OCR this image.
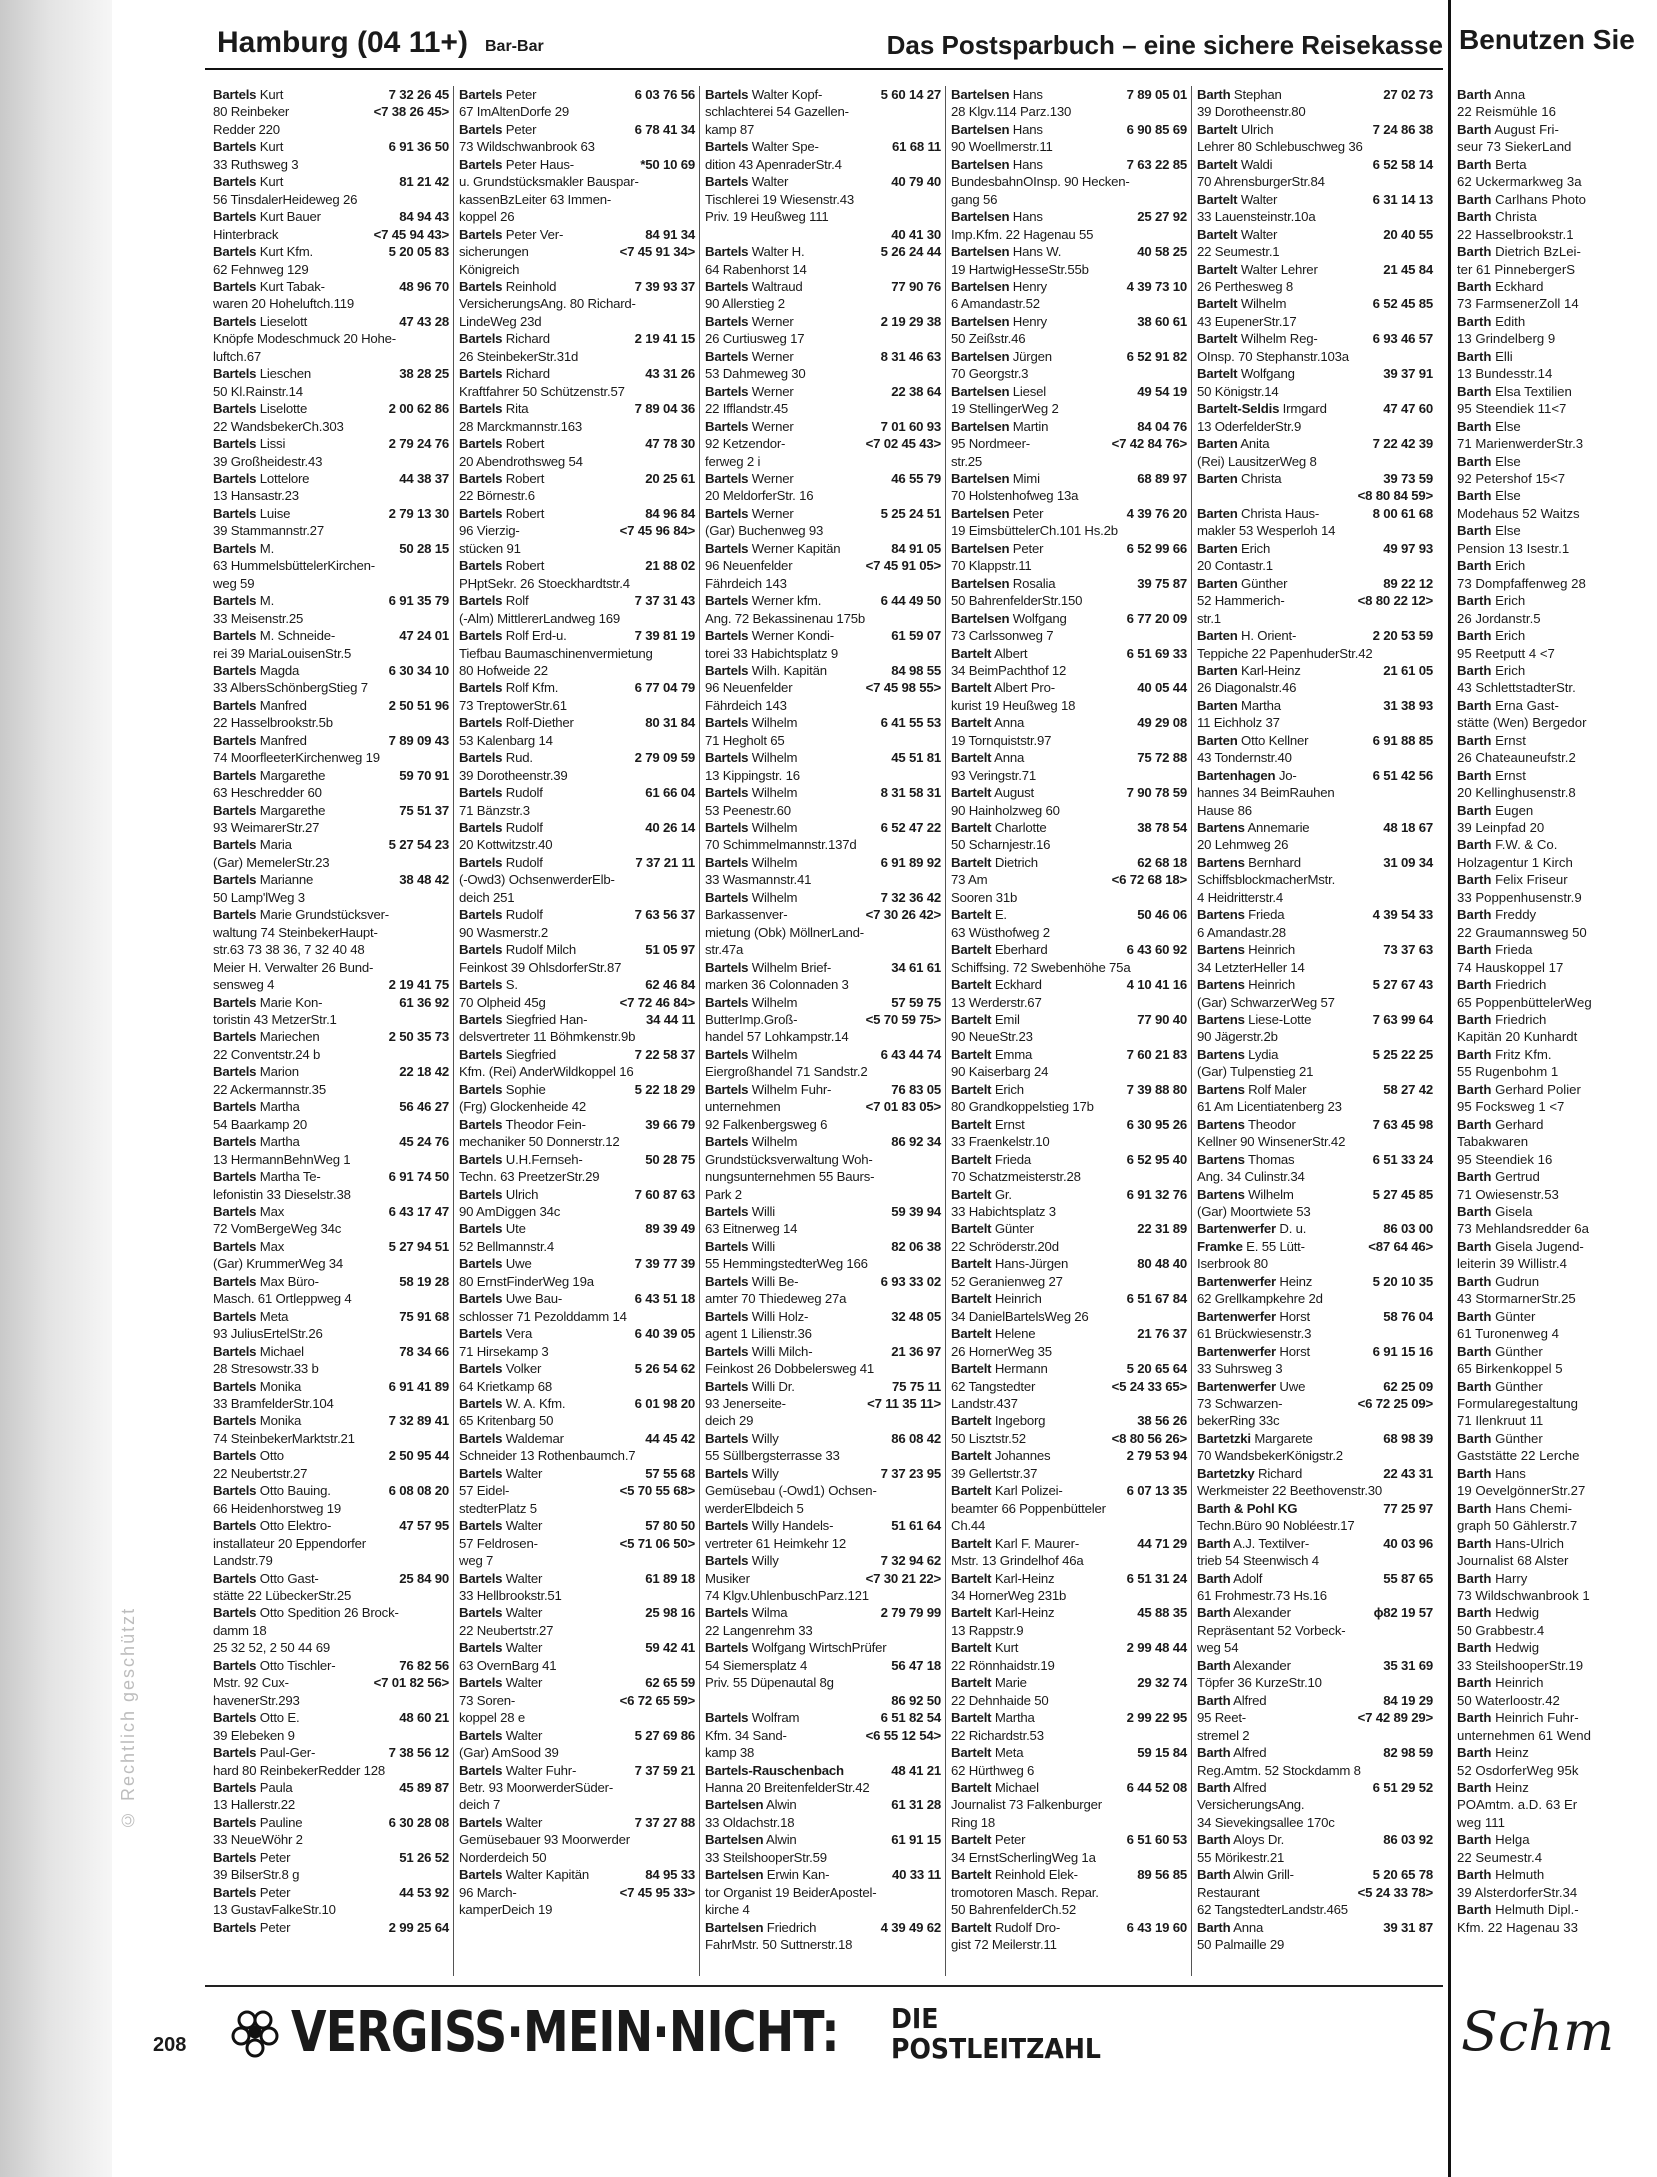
© Rechtlich geschützt
Hamburg (04 11+) Bar-Bar	Das Postsparbuch – eine sichere Reisekasse
7 32 26 45
Bartels Kurt
<7 38 26 45>
80 Reinbeker
Redder 220
6 91 36 50
Bartels Kurt
33 Ruthsweg 3
81 21 42
Bartels Kurt
56 TinsdalerHeideweg 26
84 94 43
Bartels Kurt Bauer
<7 45 94 43>
Hinterbrack
5 20 05 83
Bartels Kurt Kfm.
62 Fehnweg 129
48 96 70
Bartels Kurt Tabak-
waren 20 Hoheluftch.119
47 43 28
Bartels Lieselott
Knöpfe Modeschmuck 20 Hohe-
luftch.67
38 28 25
Bartels Lieschen
50 Kl.Rainstr.14
2 00 62 86
Bartels Liselotte
22 WandsbekerCh.303
2 79 24 76
Bartels Lissi
39 Großheidestr.43
44 38 37
Bartels Lottelore
13 Hansastr.23
2 79 13 30
Bartels Luise
39 Stammannstr.27
50 28 15
Bartels M.
63 HummelsbüttelerKirchen-
weg 59
6 91 35 79
Bartels M.
33 Meisenstr.25
47 24 01
Bartels M. Schneide-
rei 39 MariaLouisenStr.5
6 30 34 10
Bartels Magda
33 AlbersSchönbergStieg 7
2 50 51 96
Bartels Manfred
22 Hasselbrookstr.5b
7 89 09 43
Bartels Manfred
74 MoorfleeterKirchenweg 19
59 70 91
Bartels Margarethe
63 Heschredder 60
75 51 37
Bartels Margarethe
93 WeimarerStr.27
5 27 54 23
Bartels Maria
(Gar) MemelerStr.23
38 48 42
Bartels Marianne
50 Lamp'lWeg 3
Bartels Marie Grundstücksver-
waltung 74 SteinbekerHaupt-
str.63 73 38 36, 7 32 40 48
Meier H. Verwalter 26 Bund-
2 19 41 75
sensweg 4
61 36 92
Bartels Marie Kon-
toristin 43 MetzerStr.1
2 50 35 73
Bartels Mariechen
22 Conventstr.24 b
22 18 42
Bartels Marion
22 Ackermannstr.35
56 46 27
Bartels Martha
54 Baarkamp 20
45 24 76
Bartels Martha
13 HermannBehnWeg 1
6 91 74 50
Bartels Martha Te-
lefonistin 33 Dieselstr.38
6 43 17 47
Bartels Max
72 VomBergeWeg 34c
5 27 94 51
Bartels Max
(Gar) KrummerWeg 34
58 19 28
Bartels Max Büro-
Masch. 61 Ortleppweg 4
75 91 68
Bartels Meta
93 JuliusErtelStr.26
78 34 66
Bartels Michael
28 Stresowstr.33 b
6 91 41 89
Bartels Monika
33 BramfelderStr.104
7 32 89 41
Bartels Monika
74 SteinbekerMarktstr.21
2 50 95 44
Bartels Otto
22 Neubertstr.27
6 08 08 20
Bartels Otto Bauing.
66 Heidenhorstweg 19
47 57 95
Bartels Otto Elektro-
installateur 20 Eppendorfer
Landstr.79
25 84 90
Bartels Otto Gast-
stätte 22 LübeckerStr.25
Bartels Otto Spedition 26 Brock-
damm 18
25 32 52, 2 50 44 69
76 82 56
Bartels Otto Tischler-
<7 01 82 56>
Mstr. 92 Cux-
havenerStr.293
48 60 21
Bartels Otto E.
39 Elebeken 9
7 38 56 12
Bartels Paul-Ger-
hard 80 ReinbekerRedder 128
45 89 87
Bartels Paula
13 Hallerstr.22
6 30 28 08
Bartels Pauline
33 NeueWöhr 2
51 26 52
Bartels Peter
39 BilserStr.8 g
44 53 92
Bartels Peter
13 GustavFalkeStr.10
2 99 25 64
Bartels Peter
6 03 76 56
Bartels Peter
67 ImAltenDorfe 29
6 78 41 34
Bartels Peter
73 Wildschwanbrook 63
*50 10 69
Bartels Peter Haus-
u. Grundstücksmakler Bauspar-
kassenBzLeiter 63 Immen-
koppel 26
84 91 34
Bartels Peter Ver-
<7 45 91 34>
sicherungen
Königreich
7 39 93 37
Bartels Reinhold
VersicherungsAng. 80 Richard-
LindeWeg 23d
2 19 41 15
Bartels Richard
26 SteinbekerStr.31d
43 31 26
Bartels Richard
Kraftfahrer 50 Schützenstr.57
7 89 04 36
Bartels Rita
28 Marckmannstr.163
47 78 30
Bartels Robert
20 Abendrothsweg 54
20 25 61
Bartels Robert
22 Börnestr.6
84 96 84
Bartels Robert
<7 45 96 84>
96 Vierzig-
stücken 91
21 88 02
Bartels Robert
PHptSekr. 26 Stoeckhardtstr.4
7 37 31 43
Bartels Rolf
(-Alm) MittlererLandweg 169
7 39 81 19
Bartels Rolf Erd-u.
Tiefbau Baumaschinenvermietung
80 Hofweide 22
6 77 04 79
Bartels Rolf Kfm.
73 TreptowerStr.61
80 31 84
Bartels Rolf-Diether
53 Kalenbarg 14
2 79 09 59
Bartels Rud.
39 Dorotheenstr.39
61 66 04
Bartels Rudolf
71 Bänzstr.3
40 26 14
Bartels Rudolf
20 Kottwitzstr.40
7 37 21 11
Bartels Rudolf
(-Owd3) OchsenwerderElb-
deich 251
7 63 56 37
Bartels Rudolf
90 Wasmerstr.2
51 05 97
Bartels Rudolf Milch
Feinkost 39 OhlsdorferStr.87
62 46 84
Bartels S.
<7 72 46 84>
70 Olpheid 45g
34 44 11
Bartels Siegfried Han-
delsvertreter 11 Böhmkenstr.9b
7 22 58 37
Bartels Siegfried
Kfm. (Rei) AnderWildkoppel 16
5 22 18 29
Bartels Sophie
(Frg) Glockenheide 42
39 66 79
Bartels Theodor Fein-
mechaniker 50 Donnerstr.12
50 28 75
Bartels U.H.Fernseh-
Techn. 63 PreetzerStr.29
7 60 87 63
Bartels Ulrich
90 AmDiggen 34c
89 39 49
Bartels Ute
52 Bellmannstr.4
7 39 77 39
Bartels Uwe
80 ErnstFinderWeg 19a
6 43 51 18
Bartels Uwe Bau-
schlosser 71 Pezolddamm 14
6 40 39 05
Bartels Vera
71 Hirsekamp 3
5 26 54 62
Bartels Volker
64 Krietkamp 68
6 01 98 20
Bartels W. A. Kfm.
65 Kritenbarg 50
44 45 42
Bartels Waldemar
Schneider 13 Rothenbaumch.7
57 55 68
Bartels Walter
<5 70 55 68>
57 Eidel-
stedterPlatz 5
57 80 50
Bartels Walter
<5 71 06 50>
57 Feldrosen-
weg 7
61 89 18
Bartels Walter
33 Hellbrookstr.51
25 98 16
Bartels Walter
22 Neubertstr.27
59 42 41
Bartels Walter
63 OvernBarg 41
62 65 59
Bartels Walter
<6 72 65 59>
73 Soren-
koppel 28 e
5 27 69 86
Bartels Walter
(Gar) AmSood 39
7 37 59 21
Bartels Walter Fuhr-
Betr. 93 MoorwerderSüder-
deich 7
7 37 27 88
Bartels Walter
Gemüsebauer 93 Moorwerder
Norderdeich 50
84 95 33
Bartels Walter Kapitän
<7 45 95 33>
96 March-
kamperDeich 19
5 60 14 27
Bartels Walter Kopf-
schlachterei 54 Gazellen-
kamp 87
61 68 11
Bartels Walter Spe-
dition 43 ApenraderStr.4
40 79 40
Bartels Walter
Tischlerei 19 Wiesenstr.43
Priv. 19 Heußweg 111
40 41 30

5 26 24 44
Bartels Walter H.
64 Rabenhorst 14
77 90 76
Bartels Waltraud
90 Allerstieg 2
2 19 29 38
Bartels Werner
26 Curtiusweg 17
8 31 46 63
Bartels Werner
53 Dahmeweg 30
22 38 64
Bartels Werner
22 Ifflandstr.45
7 01 60 93
Bartels Werner
<7 02 45 43>
92 Ketzendor-
ferweg 2 i
46 55 79
Bartels Werner
20 MeldorferStr. 16
5 25 24 51
Bartels Werner
(Gar) Buchenweg 93
84 91 05
Bartels Werner Kapitän
<7 45 91 05>
96 Neuenfelder
Fährdeich 143
6 44 49 50
Bartels Werner kfm.
Ang. 72 Bekassinenau 175b
61 59 07
Bartels Werner Kondi-
torei 33 Habichtsplatz 9
84 98 55
Bartels Wilh. Kapitän
<7 45 98 55>
96 Neuenfelder
Fährdeich 143
6 41 55 53
Bartels Wilhelm
71 Hegholt 65
45 51 81
Bartels Wilhelm
13 Kippingstr. 16
8 31 58 31
Bartels Wilhelm
53 Peenestr.60
6 52 47 22
Bartels Wilhelm
70 Schimmelmannstr.137d
6 91 89 92
Bartels Wilhelm
33 Wasmannstr.41
7 32 36 42
Bartels Wilhelm
<7 30 26 42>
Barkassenver-
mietung (Obk) MöllnerLand-
str.47a
34 61 61
Bartels Wilhelm Brief-
marken 36 Colonnaden 3
57 59 75
Bartels Wilhelm
<5 70 59 75>
ButterImp.Groß-
handel 57 Lohkampstr.14
6 43 44 74
Bartels Wilhelm
Eiergroßhandel 71 Sandstr.2
76 83 05
Bartels Wilhelm Fuhr-
<7 01 83 05>
unternehmen
92 Falkenbergsweg 6
86 92 34
Bartels Wilhelm
Grundstücksverwaltung Woh-
nungsunternehmen 55 Baurs-
Park 2
59 39 94
Bartels Willi
63 Eitnerweg 14
82 06 38
Bartels Willi
55 HemmingstedterWeg 166
6 93 33 02
Bartels Willi Be-
amter 70 Thiedeweg 27a
32 48 05
Bartels Willi Holz-
agent 1 Lilienstr.36
21 36 97
Bartels Willi Milch-
Feinkost 26 Dobbelersweg 41
75 75 11
Bartels Willi Dr.
<7 11 35 11>
93 Jenerseite-
deich 29
86 08 42
Bartels Willy
55 Süllbergsterrasse 33
7 37 23 95
Bartels Willy
Gemüsebau (-Owd1) Ochsen-
werderElbdeich 5
51 61 64
Bartels Willy Handels-
vertreter 61 Heimkehr 12
7 32 94 62
Bartels Willy
<7 30 21 22>
Musiker
74 Klgv.UhlenbuschParz.121
2 79 79 99
Bartels Wilma
22 Langenrehm 33
Bartels Wolfgang WirtschPrüfer
56 47 18
54 Siemersplatz 4
Priv. 55 Düpenautal 8g
86 92 50

6 51 82 54
Bartels Wolfram
<6 55 12 54>
Kfm. 34 Sand-
kamp 38
48 41 21
Bartels-Rauschenbach
Hanna 20 BreitenfelderStr.42
61 31 28
Bartelsen Alwin
33 Oldachstr.18
61 91 15
Bartelsen Alwin
33 SteilshooperStr.59
40 33 11
Bartelsen Erwin Kan-
tor Organist 19 BeiderApostel-
kirche 4
4 39 49 62
Bartelsen Friedrich
FahrMstr. 50 Suttnerstr.18
7 89 05 01
Bartelsen Hans
28 Klgv.114 Parz.130
6 90 85 69
Bartelsen Hans
90 Woellmerstr.11
7 63 22 85
Bartelsen Hans
BundesbahnOInsp. 90 Hecken-
gang 56
25 27 92
Bartelsen Hans
Imp.Kfm. 22 Hagenau 55
40 58 25
Bartelsen Hans W.
19 HartwigHesseStr.55b
4 39 73 10
Bartelsen Henry
6 Amandastr.52
38 60 61
Bartelsen Henry
50 Zeißstr.46
6 52 91 82
Bartelsen Jürgen
70 Georgstr.3
49 54 19
Bartelsen Liesel
19 StellingerWeg 2
84 04 76
Bartelsen Martin
<7 42 84 76>
95 Nordmeer-
str.25
68 89 97
Bartelsen Mimi
70 Holstenhofweg 13a
4 39 76 20
Bartelsen Peter
19 EimsbüttelerCh.101 Hs.2b
6 52 99 66
Bartelsen Peter
70 Klappstr.11
39 75 87
Bartelsen Rosalia
50 BahrenfelderStr.150
6 77 20 09
Bartelsen Wolfgang
73 Carlssonweg 7
6 51 69 33
Bartelt Albert
34 BeimPachthof 12
40 05 44
Bartelt Albert Pro-
kurist 19 Heußweg 18
49 29 08
Bartelt Anna
19 Tornquiststr.97
75 72 88
Bartelt Anna
93 Veringstr.71
7 90 78 59
Bartelt August
90 Hainholzweg 60
38 78 54
Bartelt Charlotte
50 Scharnjestr.16
62 68 18
Bartelt Dietrich
<6 72 68 18>
73 Am
Sooren 31b
50 46 06
Bartelt E.
63 Wüsthofweg 2
6 43 60 92
Bartelt Eberhard
Schiffsing. 72 Swebenhöhe 75a
4 10 41 16
Bartelt Eckhard
13 Werderstr.67
77 90 40
Bartelt Emil
90 NeueStr.23
7 60 21 83
Bartelt Emma
90 Kaiserbarg 24
7 39 88 80
Bartelt Erich
80 Grandkoppelstieg 17b
6 30 95 26
Bartelt Ernst
33 Fraenkelstr.10
6 52 95 40
Bartelt Frieda
70 Schatzmeisterstr.28
6 91 32 76
Bartelt Gr.
33 Habichtsplatz 3
22 31 89
Bartelt Günter
22 Schröderstr.20d
80 48 40
Bartelt Hans-Jürgen
52 Geranienweg 27
6 51 67 84
Bartelt Heinrich
34 DanielBartelsWeg 26
21 76 37
Bartelt Helene
26 HornerWeg 35
5 20 65 64
Bartelt Hermann
<5 24 33 65>
62 Tangstedter
Landstr.437
38 56 26
Bartelt Ingeborg
<8 80 56 26>
50 Lisztstr.52
2 79 53 94
Bartelt Johannes
39 Gellertstr.37
6 07 13 35
Bartelt Karl Polizei-
beamter 66 Poppenbütteler
Ch.44
44 71 29
Bartelt Karl F. Maurer-
Mstr. 13 Grindelhof 46a
6 51 31 24
Bartelt Karl-Heinz
34 HornerWeg 231b
45 88 35
Bartelt Karl-Heinz
13 Rappstr.9
2 99 48 44
Bartelt Kurt
22 Rönnhaidstr.19
29 32 74
Bartelt Marie
22 Dehnhaide 50
2 99 22 95
Bartelt Martha
22 Richardstr.53
59 15 84
Bartelt Meta
62 Hürthweg 6
6 44 52 08
Bartelt Michael
Journalist 73 Falkenburger
Ring 18
6 51 60 53
Bartelt Peter
34 ErnstScherlingWeg 1a
89 56 85
Bartelt Reinhold Elek-
tromotoren Masch. Repar.
50 BahrenfelderCh.52
6 43 19 60
Bartelt Rudolf Dro-
gist 72 Meilerstr.11
27 02 73
Barth Stephan
39 Dorotheenstr.80
7 24 86 38
Bartelt Ulrich
Lehrer 80 Schlebuschweg 36
6 52 58 14
Bartelt Waldi
70 AhrensburgerStr.84
6 31 14 13
Bartelt Walter
33 Lauensteinstr.10a
20 40 55
Bartelt Walter
22 Seumestr.1
21 45 84
Bartelt Walter Lehrer
26 Perthesweg 8
6 52 45 85
Bartelt Wilhelm
43 EupenerStr.17
6 93 46 57
Bartelt Wilhelm Reg-
OInsp. 70 Stephanstr.103a
39 37 91
Bartelt Wolfgang
50 Königstr.14
47 47 60
Bartelt-Seldis Irmgard
13 OderfelderStr.9
7 22 42 39
Barten Anita
(Rei) LausitzerWeg 8
39 73 59
Barten Christa
<8 80 84 59>

8 00 61 68
Barten Christa Haus-
makler 53 Wesperloh 14
49 97 93
Barten Erich
20 Contastr.1
89 22 12
Barten Günther
<8 80 22 12>
52 Hammerich-
str.1
2 20 53 59
Barten H. Orient-
Teppiche 22 PapenhuderStr.42
21 61 05
Barten Karl-Heinz
26 Diagonalstr.46
31 38 93
Barten Martha
11 Eichholz 37
6 91 88 85
Barten Otto Kellner
43 Tondernstr.40
6 51 42 56
Bartenhagen Jo-
hannes 34 BeimRauhen
Hause 86
48 18 67
Bartens Annemarie
20 Lehmweg 26
31 09 34
Bartens Bernhard
SchiffsblockmacherMstr.
4 Heidritterstr.4
4 39 54 33
Bartens Frieda
6 Amandastr.28
73 37 63
Bartens Heinrich
34 LetzterHeller 14
5 27 67 43
Bartens Heinrich
(Gar) SchwarzerWeg 57
7 63 99 64
Bartens Liese-Lotte
90 Jägerstr.2b
5 25 22 25
Bartens Lydia
(Gar) Tulpenstieg 21
58 27 42
Bartens Rolf Maler
61 Am Licentiatenberg 23
7 63 45 98
Bartens Theodor
Kellner 90 WinsenerStr.42
6 51 33 24
Bartens Thomas
Ang. 34 Culinstr.34
5 27 45 85
Bartens Wilhelm
(Gar) Moortwiete 53
86 03 00
Bartenwerfer D. u.
<87 64 46>
Framke E. 55 Lütt-
Iserbrook 80
5 20 10 35
Bartenwerfer Heinz
62 Grellkampkehre 2d
58 76 04
Bartenwerfer Horst
61 Brückwiesenstr.3
6 91 15 16
Bartenwerfer Horst
33 Suhrsweg 3
62 25 09
Bartenwerfer Uwe
<6 72 25 09>
73 Schwarzen-
bekerRing 33c
68 98 39
Bartetzki Margarete
70 WandsbekerKönigstr.2
22 43 31
Bartetzky Richard
Werkmeister 22 Beethovenstr.30
77 25 97
Barth & Pohl KG
Techn.Büro 90 Nobléestr.17
40 03 96
Barth A.J. Textilver-
trieb 54 Steenwisch 4
55 87 65
Barth Adolf
61 Frohmestr.73 Hs.16
ϕ82 19 57
Barth Alexander
Repräsentant 52 Vorbeck-
weg 54
35 31 69
Barth Alexander
Töpfer 36 KurzeStr.10
84 19 29
Barth Alfred
<7 42 89 29>
95 Reet-
stremel 2
82 98 59
Barth Alfred
Reg.Amtm. 52 Stockdamm 8
6 51 29 52
Barth Alfred
VersicherungsAng.
34 Sievekingsallee 170c
86 03 92
Barth Aloys Dr.
55 Mörikestr.21
5 20 65 78
Barth Alwin Grill-
<5 24 33 78>
Restaurant
62 TangstedterLandstr.465
39 31 87
Barth Anna
50 Palmaille 29
208 VERGISS·MEIN·NICHT: DIE
POSTLEITZAHL
Benutzen Sie
Barth Anna
22 Reismühle 16
Barth August Fri-
seur 73 SiekerLand
Barth Berta
62 Uckermarkweg 3a
Barth Carlhans Photo
Barth Christa
22 Hasselbrookstr.1
Barth Dietrich BzLei-
ter 61 PinnebergerS
Barth Eckhard
73 FarmsenerZoll 14
Barth Edith
13 Grindelberg 9
Barth Elli
13 Bundesstr.14
Barth Elsa Textilien
95 Steendiek 11<7
Barth Else
71 MarienwerderStr.3
Barth Else
92 Petershof 15<7
Barth Else
Modehaus 52 Waitzs
Barth Else
Pension 13 Isestr.1
Barth Erich
73 Dompfaffenweg 28
Barth Erich
26 Jordanstr.5
Barth Erich
95 Reetputt 4 <7
Barth Erich
43 SchlettstadterStr.
Barth Erna Gast-
stätte (Wen) Bergedor
Barth Ernst
26 Chateauneufstr.2
Barth Ernst
20 Kellinghusenstr.8
Barth Eugen
39 Leinpfad 20
Barth F.W. & Co.
Holzagentur 1 Kirch
Barth Felix Friseur
33 Poppenhusenstr.9
Barth Freddy
22 Graumannsweg 50
Barth Frieda
74 Hauskoppel 17
Barth Friedrich
65 PoppenbüttelerWeg
Barth Friedrich
Kapitän 20 Kunhardt
Barth Fritz Kfm.
55 Rugenbohm 1
Barth Gerhard Polier
95 Focksweg 1 <7
Barth Gerhard
Tabakwaren
95 Steendiek 16
Barth Gertrud
71 Owiesenstr.53
Barth Gisela
73 Mehlandsredder 6a
Barth Gisela Jugend-
leiterin 39 Willistr.4
Barth Gudrun
43 StormarnerStr.25
Barth Günter
61 Turonenweg 4
Barth Günther
65 Birkenkoppel 5
Barth Günther
Formularegestaltung
71 Ilenkruut 11
Barth Günther
Gaststätte 22 Lerche
Barth Hans
19 OevelgönnerStr.27
Barth Hans Chemi-
graph 50 Gählerstr.7
Barth Hans-Ulrich
Journalist 68 Alster
Barth Harry
73 Wildschwanbrook 1
Barth Hedwig
50 Grabbestr.4
Barth Hedwig
33 SteilshooperStr.19
Barth Heinrich
50 Waterloostr.42
Barth Heinrich Fuhr-
unternehmen 61 Wend
Barth Heinz
52 OsdorferWeg 95k
Barth Heinz
POAmtm. a.D. 63 Er
weg 111
Barth Helga
22 Seumestr.4
Barth Helmuth
39 AlsterdorferStr.34
Barth Helmuth Dipl.-
Kfm. 22 Hagenau 33
Schm
